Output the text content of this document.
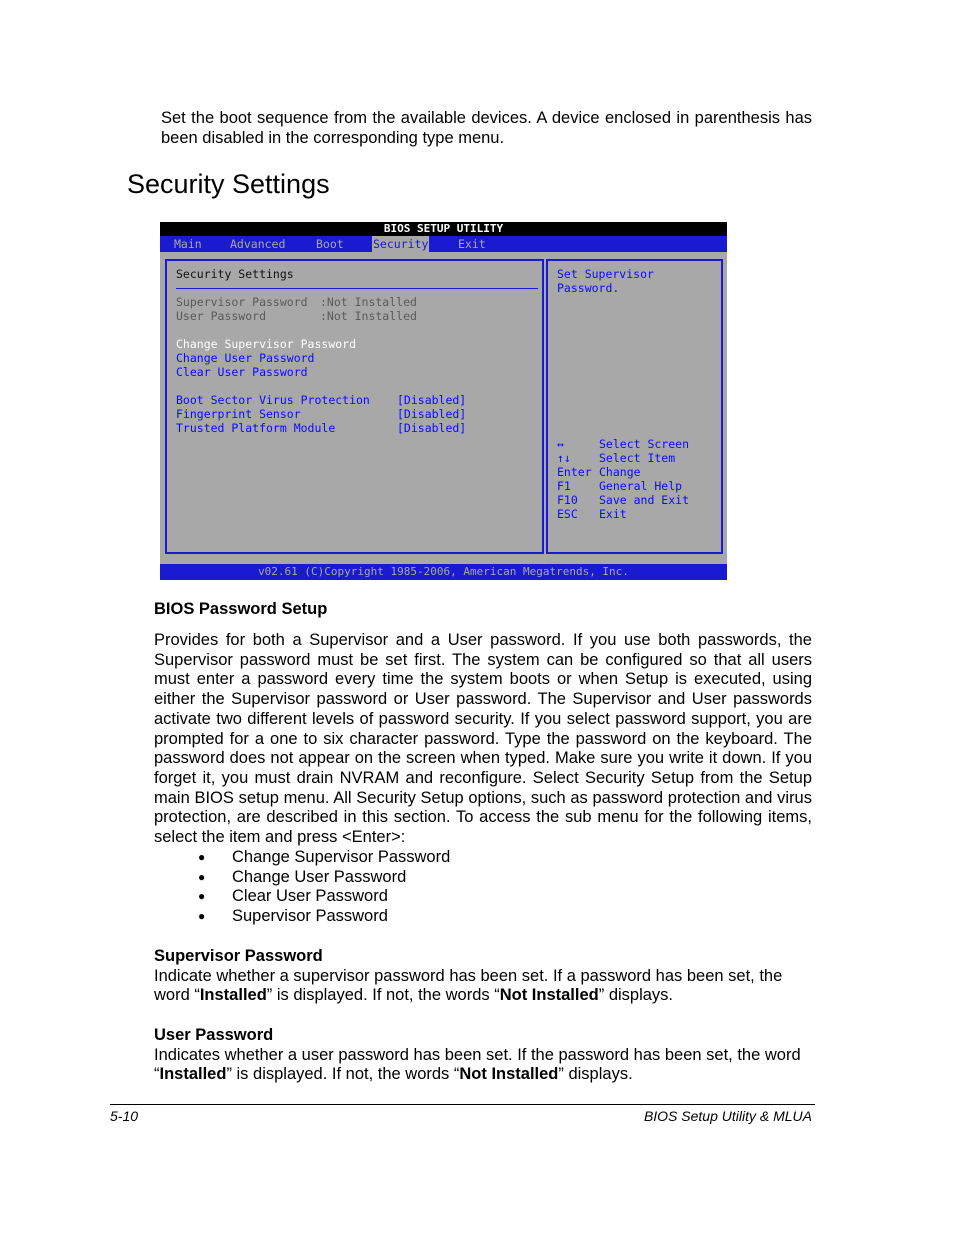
Set the boot sequence from the available devices. A device enclosed in parenthesis has been disabled in the corresponding type menu.

Security Settings
BIOS SETUP UTILITY
Main Advanced	Boot	Security	Exit
Security Settings
Supervisor Password :Not Installed
User Password	:Not Installed
Change Supervisor Password
Change User Password
Clear User Password
Boot Sector Virus Protection [Disabled]
Fingerprint Sensor	[Disabled]
Trusted Platform Module	[Disabled]
Set Supervisor
Password.
↔	Select Screen
↑↓ Select Item
Enter Change
F1 General Help
F10 Save and Exit
ESC Exit
v02.61 (C)Copyright 1985-2006, American Megatrends, Inc.
BIOS Password Setup

Provides for both a Supervisor and a User password. If you use both passwords, the Supervisor password must be set first. The system can be configured so that all users must enter a password every time the system boots or when Setup is executed, using either the Supervisor password or User password. The Supervisor and User passwords activate two different levels of password security. If you select password support, you are prompted for a one to six character password. Type the password on the keyboard. The password does not appear on the screen when typed. Make sure you write it down. If you forget it, you must drain NVRAM and reconfigure. Select Security Setup from the Setup main BIOS setup menu. All Security Setup options, such as password protection and virus protection, are described in this section. To access the sub menu for the following items, select the item and press <Enter>:

● Change Supervisor Password
● Change User Password
● Clear User Password
● Supervisor Password

Supervisor Password
Indicate whether a supervisor password has been set. If a password has been set, the word “Installed” is displayed. If not, the words “Not Installed” displays.

User Password
Indicates whether a user password has been set. If the password has been set, the word “Installed” is displayed. If not, the words “Not Installed” displays.

5-10	BIOS Setup Utility & MLUA
